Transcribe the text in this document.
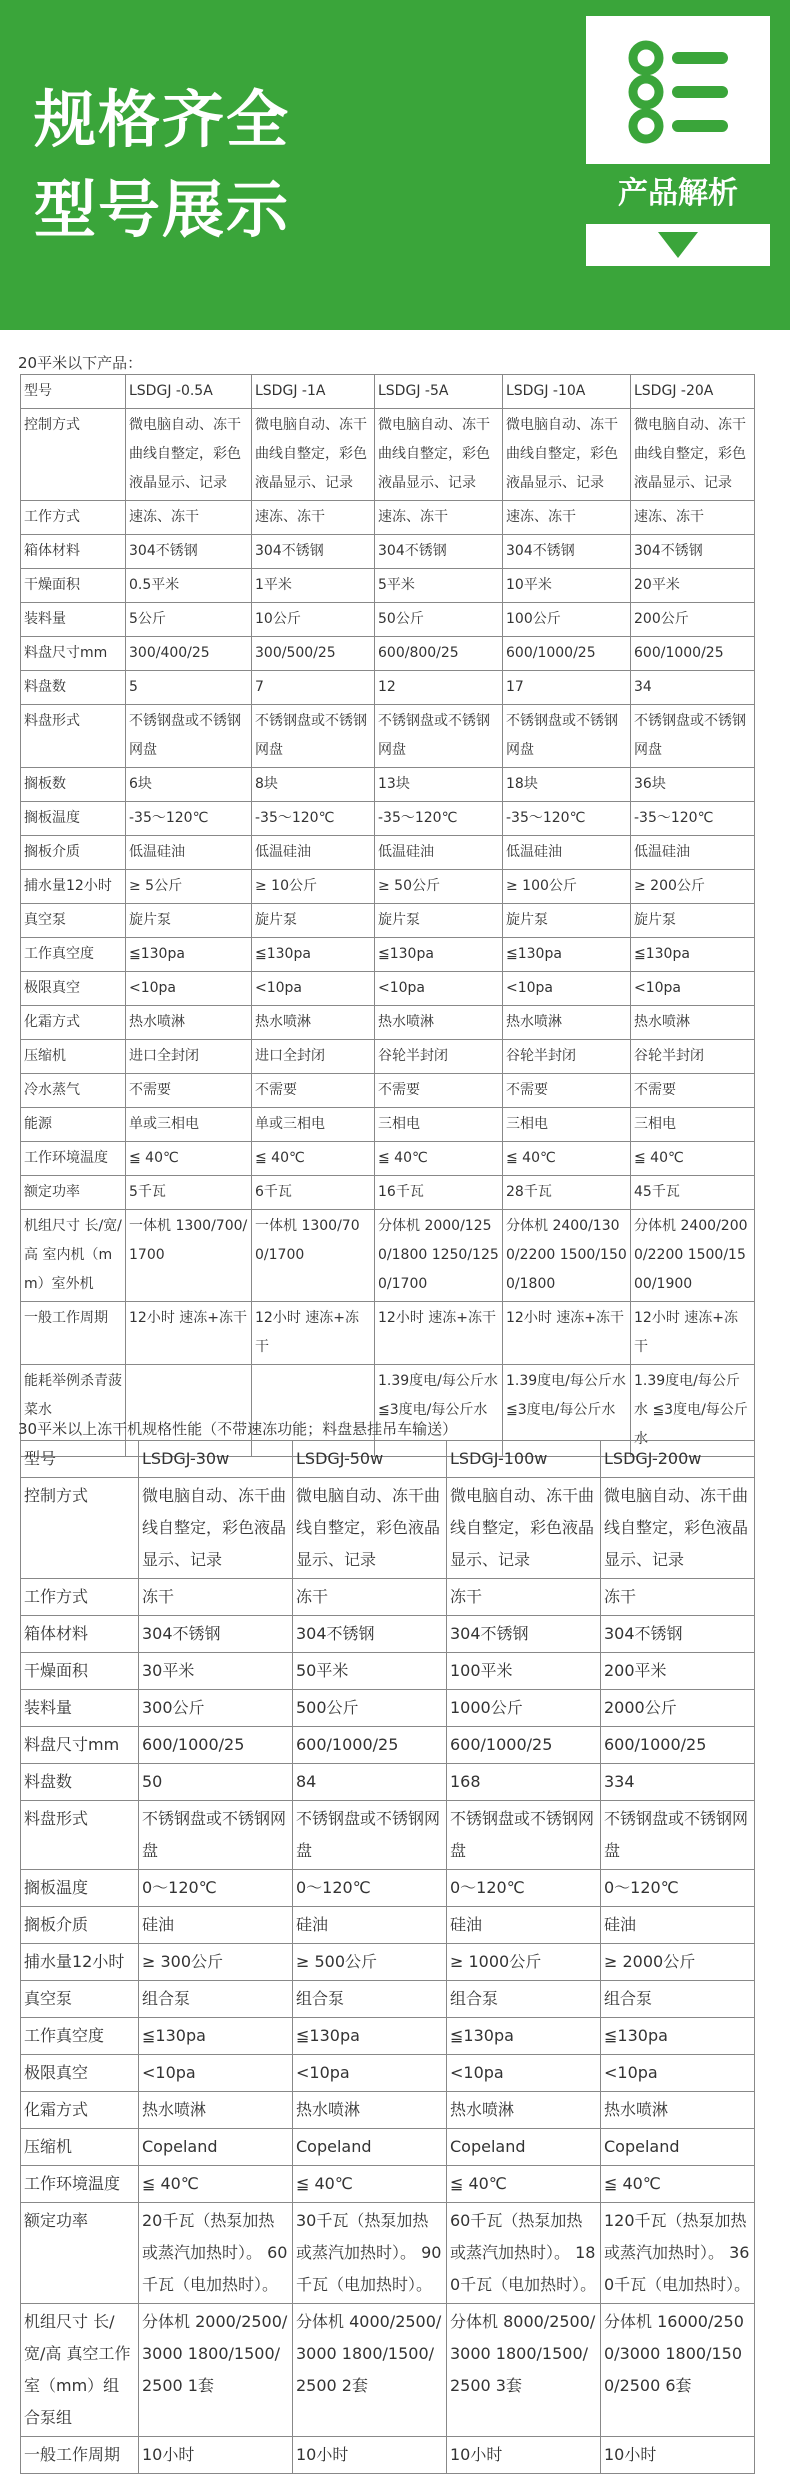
规格齐全
型号展示	产品解析
20平米以下产品：
型号	LSDGJ -0.5A	LSDGJ -1A	LSDGJ -5A	LSDGJ -10A	LSDGJ -20A
控制方式	微电脑自动、冻干曲线自整定，彩色液晶显示、记录	微电脑自动、冻干曲线自整定，彩色液晶显示、记录	微电脑自动、冻干曲线自整定，彩色液晶显示、记录	微电脑自动、冻干曲线自整定，彩色液晶显示、记录	微电脑自动、冻干曲线自整定，彩色液晶显示、记录
工作方式	速冻、冻干	速冻、冻干	速冻、冻干	速冻、冻干	速冻、冻干
箱体材料	304不锈钢	304不锈钢	304不锈钢	304不锈钢	304不锈钢
干燥面积	0.5平米	1平米	5平米	10平米	20平米
装料量	5公斤	10公斤	50公斤	100公斤	200公斤
料盘尺寸mm	300/400/25	300/500/25	600/800/25	600/1000/25	600/1000/25
料盘数	5	7	12	17	34
料盘形式	不锈钢盘或不锈钢网盘	不锈钢盘或不锈钢网盘	不锈钢盘或不锈钢网盘	不锈钢盘或不锈钢网盘	不锈钢盘或不锈钢网盘
搁板数	6块	8块	13块	18块	36块
搁板温度	-35～120℃	-35～120℃	-35～120℃	-35～120℃	-35～120℃
搁板介质	低温硅油	低温硅油	低温硅油	低温硅油	低温硅油
捕水量12小时	≥ 5公斤	≥ 10公斤	≥ 50公斤	≥ 100公斤	≥ 200公斤
真空泵	旋片泵	旋片泵	旋片泵	旋片泵	旋片泵
工作真空度	≦130pa	≦130pa	≦130pa	≦130pa	≦130pa
极限真空	<10pa	<10pa	<10pa	<10pa	<10pa
化霜方式	热水喷淋	热水喷淋	热水喷淋	热水喷淋	热水喷淋
压缩机	进口全封闭	进口全封闭	谷轮半封闭	谷轮半封闭	谷轮半封闭
冷水蒸气	不需要	不需要	不需要	不需要	不需要
能源	单或三相电	单或三相电	三相电	三相电	三相电
工作环境温度	≦ 40℃	≦ 40℃	≦ 40℃	≦ 40℃	≦ 40℃
额定功率	5千瓦	6千瓦	16千瓦	28千瓦	45千瓦
机组尺寸 长/宽/高 室内机（mm）室外机	一体机 1300/700/1700	一体机 1300/700/1700	分体机 2000/1250/1800 1250/1250/1700	分体机 2400/1300/2200 1500/1500/1800	分体机 2400/2000/2200 1500/1500/1900
一般工作周期	12小时 速冻+冻干	12小时 速冻+冻干	12小时 速冻+冻干	12小时 速冻+冻干	12小时 速冻+冻干
能耗举例杀青菠菜水			1.39度电/每公斤水 ≦3度电/每公斤水	1.39度电/每公斤水 ≦3度电/每公斤水	1.39度电/每公斤水 ≦3度电/每公斤水
30平米以上冻干机规格性能（不带速冻功能；料盘悬挂吊车输送）
型号	LSDGJ-30w	LSDGJ-50w	LSDGJ-100w	LSDGJ-200w
控制方式	微电脑自动、冻干曲线自整定，彩色液晶显示、记录	微电脑自动、冻干曲线自整定，彩色液晶显示、记录	微电脑自动、冻干曲线自整定，彩色液晶显示、记录	微电脑自动、冻干曲线自整定，彩色液晶显示、记录
工作方式	冻干	冻干	冻干	冻干
箱体材料	304不锈钢	304不锈钢	304不锈钢	304不锈钢
干燥面积	30平米	50平米	100平米	200平米
装料量	300公斤	500公斤	1000公斤	2000公斤
料盘尺寸mm	600/1000/25	600/1000/25	600/1000/25	600/1000/25
料盘数	50	84	168	334
料盘形式	不锈钢盘或不锈钢网盘	不锈钢盘或不锈钢网盘	不锈钢盘或不锈钢网盘	不锈钢盘或不锈钢网盘
搁板温度	0～120℃	0～120℃	0～120℃	0～120℃
搁板介质	硅油	硅油	硅油	硅油
捕水量12小时	≥ 300公斤	≥ 500公斤	≥ 1000公斤	≥ 2000公斤
真空泵	组合泵	组合泵	组合泵	组合泵
工作真空度	≦130pa	≦130pa	≦130pa	≦130pa
极限真空	<10pa	<10pa	<10pa	<10pa
化霜方式	热水喷淋	热水喷淋	热水喷淋	热水喷淋
压缩机	Copeland	Copeland	Copeland	Copeland
工作环境温度	≦ 40℃	≦ 40℃	≦ 40℃	≦ 40℃
额定功率	20千瓦（热泵加热或蒸汽加热时）。 60千瓦（电加热时）。	30千瓦（热泵加热或蒸汽加热时）。 90千瓦（电加热时）。	60千瓦（热泵加热或蒸汽加热时）。 180千瓦（电加热时）。	120千瓦（热泵加热或蒸汽加热时）。 360千瓦（电加热时）。
机组尺寸 长/宽/高 真空工作室（mm）组合泵组	分体机 2000/2500/3000 1800/1500/2500 1套	分体机 4000/2500/3000 1800/1500/2500 2套	分体机 8000/2500/3000 1800/1500/2500 3套	分体机 16000/2500/3000 1800/1500/2500 6套
一般工作周期	10小时	10小时	10小时	10小时
